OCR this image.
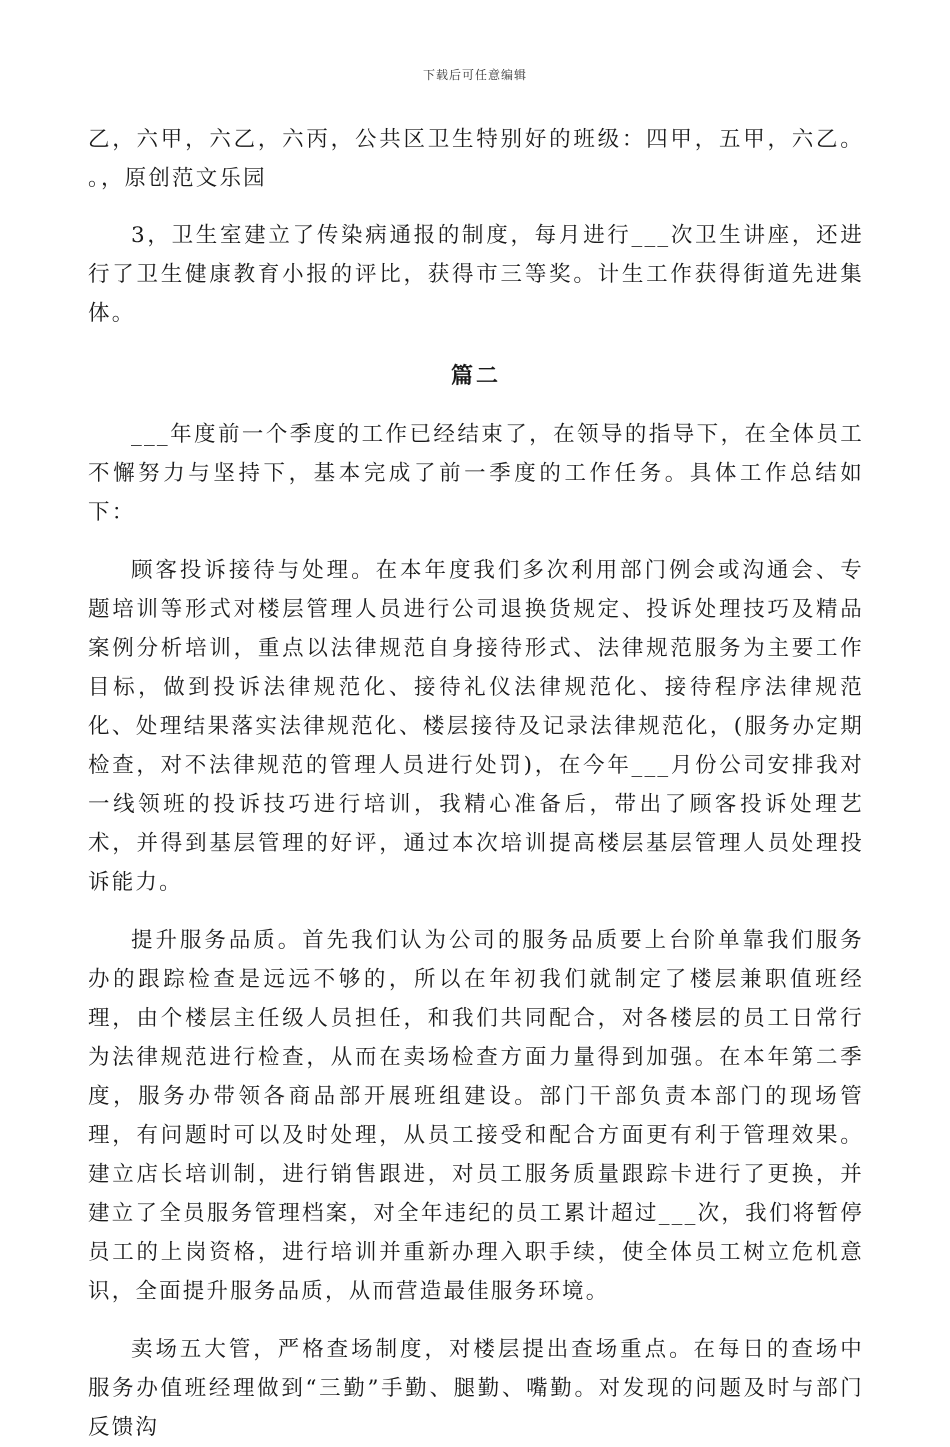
下载后可任意编辑

乙，六甲，六乙，六丙，公共区卫生特别好的班级：四甲，五甲，六乙。 。，原创范文乐园

3，卫生室建立了传染病通报的制度，每月进行___次卫生讲座，还进行了卫生健康教育小报的评比，获得市三等奖。计生工作获得街道先进集体。

篇二

___年度前一个季度的工作已经结束了，在领导的指导下，在全体员工不懈努力与坚持下，基本完成了前一季度的工作任务。具体工作总结如下：

顾客投诉接待与处理。在本年度我们多次利用部门例会或沟通会、专题培训等形式对楼层管理人员进行公司退换货规定、投诉处理技巧及精品案例分析培训，重点以法律规范自身接待形式、法律规范服务为主要工作目标，做到投诉法律规范化、接待礼仪法律规范化、接待程序法律规范化、处理结果落实法律规范化、楼层接待及记录法律规范化，(服务办定期检查，对不法律规范的管理人员进行处罚)，在今年___月份公司安排我对一线领班的投诉技巧进行培训，我精心准备后，带出了顾客投诉处理艺术，并得到基层管理的好评，通过本次培训提高楼层基层管理人员处理投诉能力。

提升服务品质。首先我们认为公司的服务品质要上台阶单靠我们服务办的跟踪检查是远远不够的，所以在年初我们就制定了楼层兼职值班经理，由个楼层主任级人员担任，和我们共同配合，对各楼层的员工日常行为法律规范进行检查，从而在卖场检查方面力量得到加强。在本年第二季度，服务办带领各商品部开展班组建设。部门干部负责本部门的现场管理，有问题时可以及时处理，从员工接受和配合方面更有利于管理效果。建立店长培训制，进行销售跟进，对员工服务质量跟踪卡进行了更换，并建立了全员服务管理档案，对全年违纪的员工累计超过___次，我们将暂停员工的上岗资格，进行培训并重新办理入职手续，使全体员工树立危机意识，全面提升服务品质，从而营造最佳服务环境。

卖场五大管，严格查场制度，对楼层提出查场重点。在每日的查场中服务办值班经理做到“三勤”手勤、腿勤、嘴勤。对发现的问题及时与部门反馈沟
